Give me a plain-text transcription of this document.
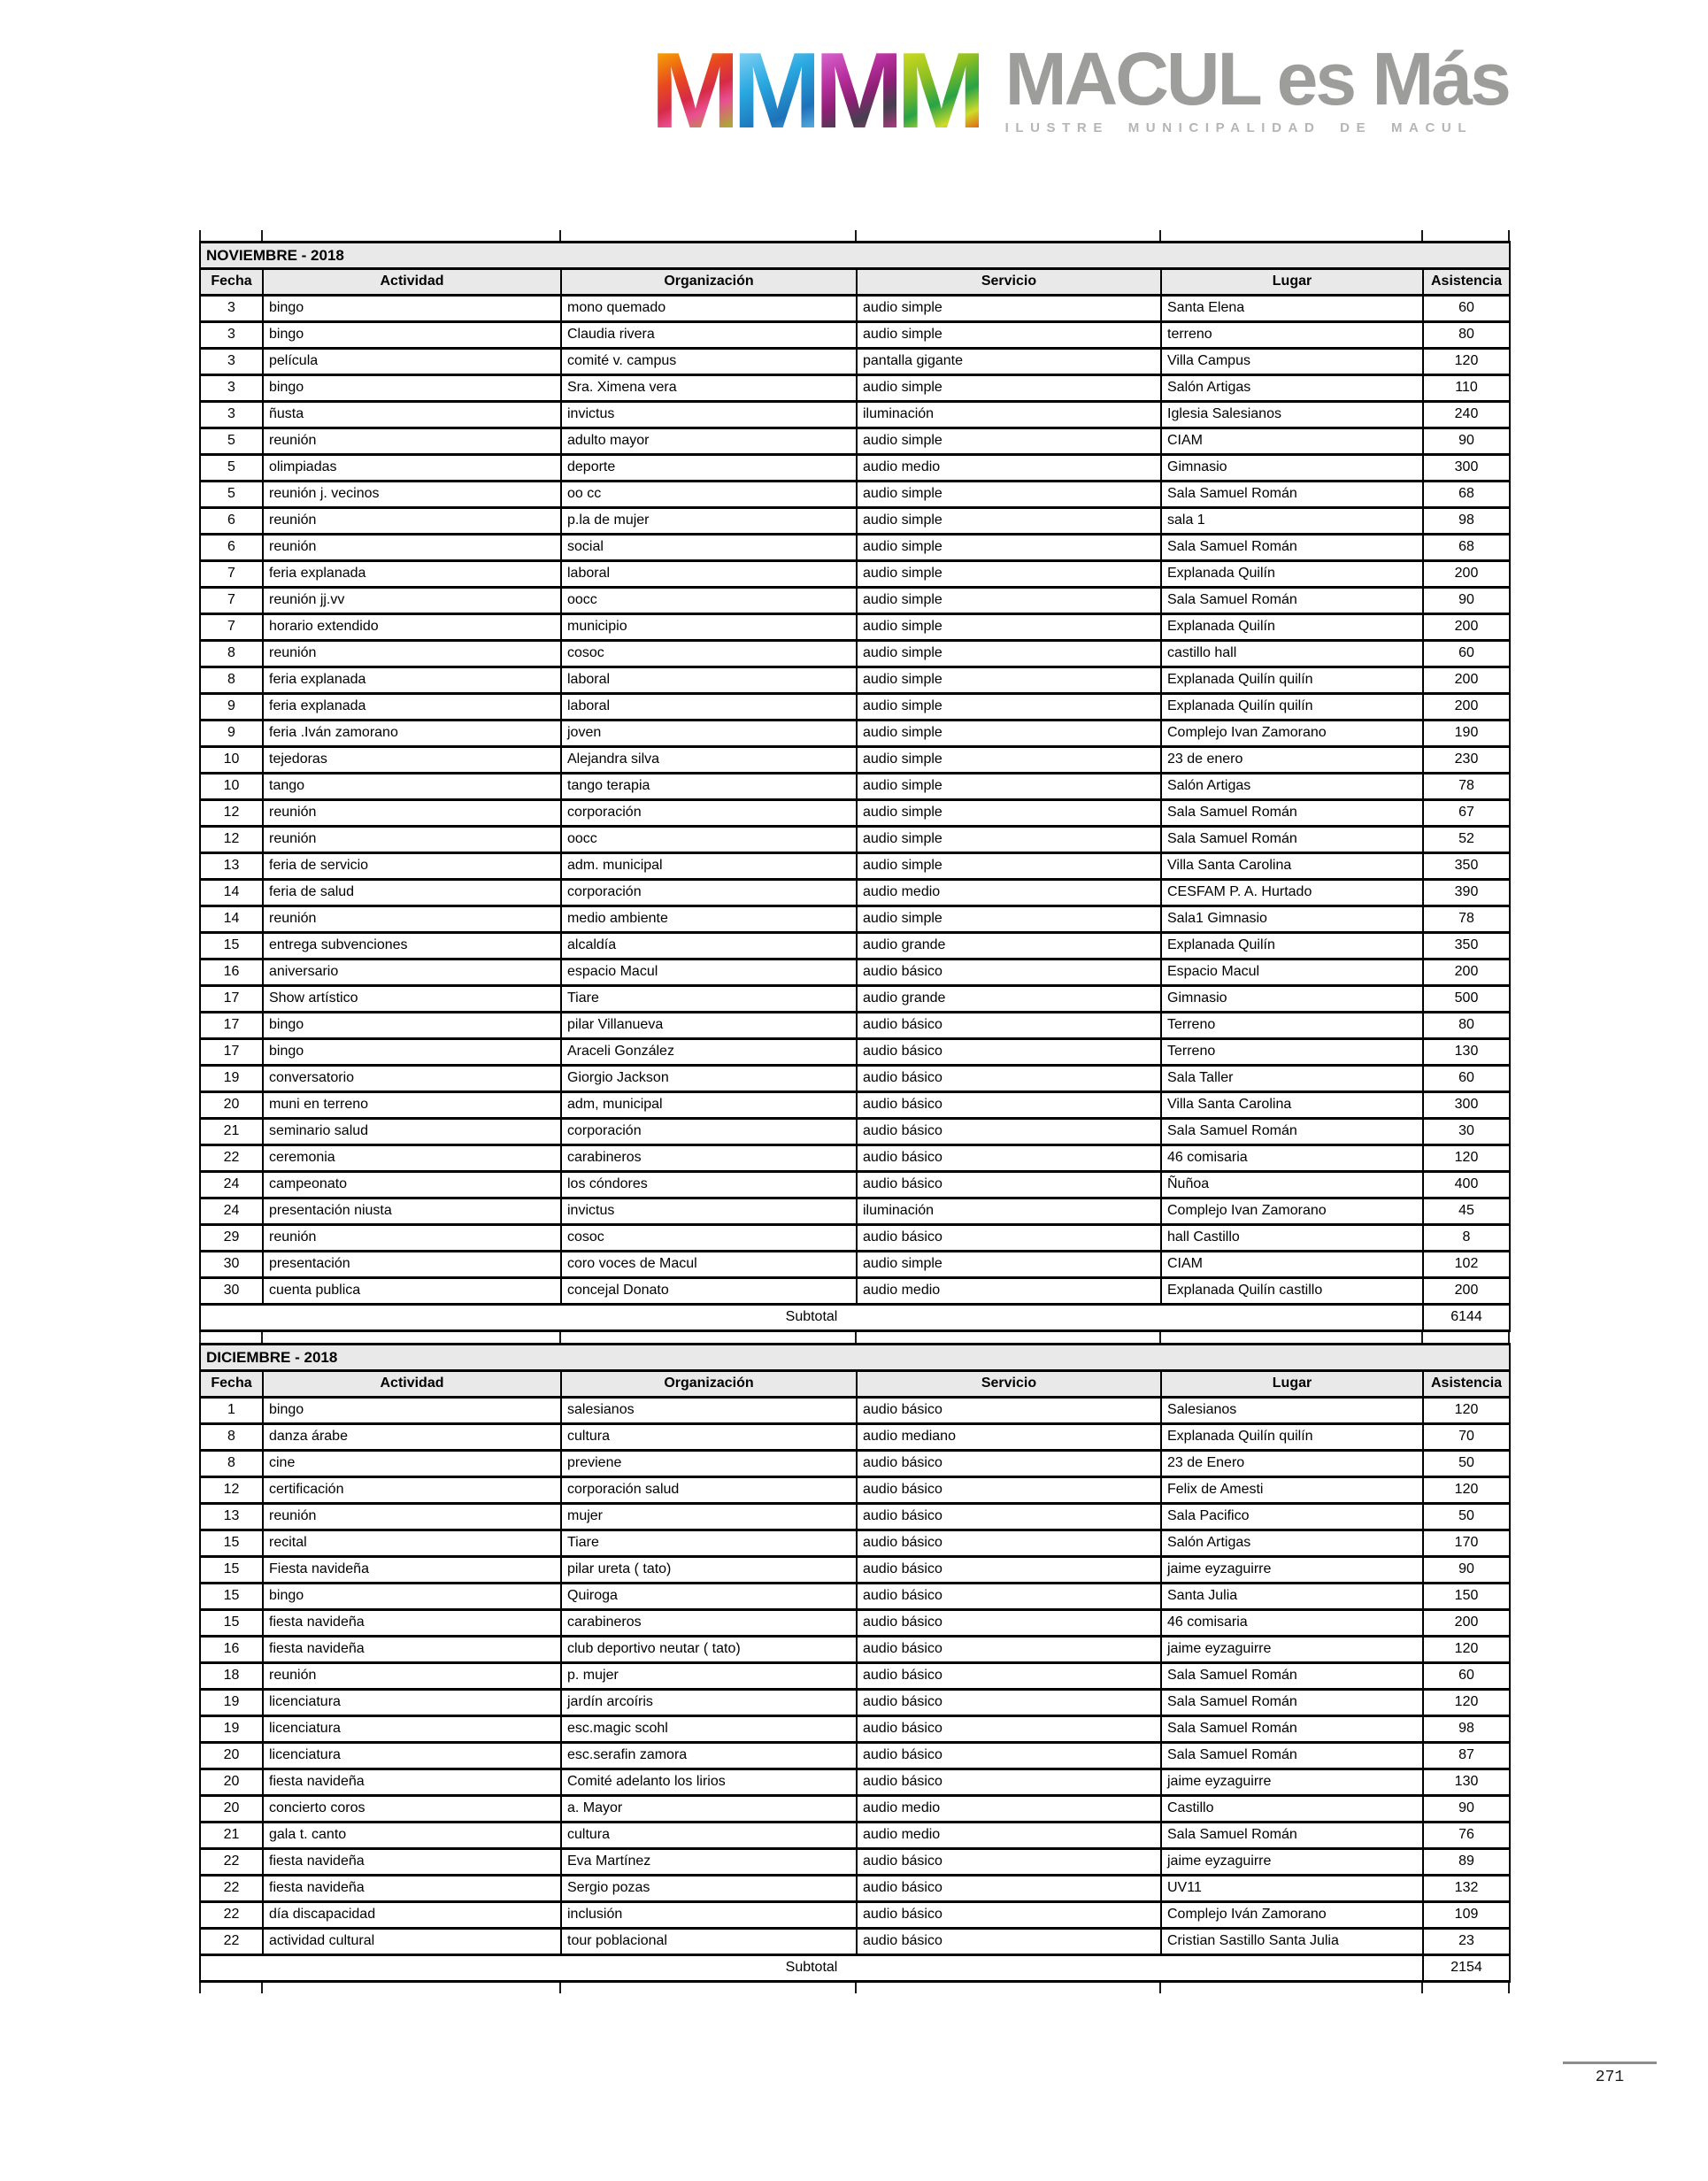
M M M M MACUL es Más
ILUSTRE MUNICIPALIDAD DE MACUL
NOVIEMBRE - 2018					
Fecha	Actividad	Organización	Servicio	Lugar	Asistencia
3	bingo	mono quemado	audio simple	Santa Elena	60
3	bingo	Claudia rivera	audio simple	terreno	80
3	película	comité v. campus	pantalla gigante	Villa Campus	120
3	bingo	Sra. Ximena vera	audio simple	Salón Artigas	110
3	ñusta	invictus	iluminación	Iglesia Salesianos	240
5	reunión	adulto mayor	audio simple	CIAM	90
5	olimpiadas	deporte	audio medio	Gimnasio	300
5	reunión j. vecinos	oo cc	audio simple	Sala Samuel Román	68
6	reunión	p.la de mujer	audio simple	sala 1	98
6	reunión	social	audio simple	Sala Samuel Román	68
7	feria explanada	laboral	audio simple	Explanada Quilín	200
7	reunión jj.vv	oocc	audio simple	Sala Samuel Román	90
7	horario extendido	municipio	audio simple	Explanada Quilín	200
8	reunión	cosoc	audio simple	castillo hall	60
8	feria explanada	laboral	audio simple	Explanada Quilín quilín	200
9	feria explanada	laboral	audio simple	Explanada Quilín quilín	200
9	feria .Iván zamorano	joven	audio simple	Complejo Ivan Zamorano	190
10	tejedoras	Alejandra silva	audio simple	23 de enero	230
10	tango	tango terapia	audio simple	Salón Artigas	78
12	reunión	corporación	audio simple	Sala Samuel Román	67
12	reunión	oocc	audio simple	Sala Samuel Román	52
13	feria de servicio	adm. municipal	audio simple	Villa Santa Carolina	350
14	feria de salud	corporación	audio medio	CESFAM P. A. Hurtado	390
14	reunión	medio ambiente	audio simple	Sala1 Gimnasio	78
15	entrega subvenciones	alcaldía	audio grande	Explanada Quilín	350
16	aniversario	espacio Macul	audio básico	Espacio Macul	200
17	Show artístico	Tiare	audio grande	Gimnasio	500
17	bingo	pilar Villanueva	audio básico	Terreno	80
17	bingo	Araceli González	audio básico	Terreno	130
19	conversatorio	Giorgio Jackson	audio básico	Sala Taller	60
20	muni en terreno	adm, municipal	audio básico	Villa Santa Carolina	300
21	seminario salud	corporación	audio básico	Sala Samuel Román	30
22	ceremonia	carabineros	audio básico	46 comisaria	120
24	campeonato	los cóndores	audio básico	Ñuñoa	400
24	presentación niusta	invictus	iluminación	Complejo Ivan Zamorano	45
29	reunión	cosoc	audio básico	hall Castillo	8
30	presentación	coro voces de Macul	audio simple	CIAM	102
30	cuenta publica	concejal Donato	audio medio	Explanada Quilín castillo	200
Subtotal					6144
DICIEMBRE - 2018					
Fecha	Actividad	Organización	Servicio	Lugar	Asistencia
1	bingo	salesianos	audio básico	Salesianos	120
8	danza árabe	cultura	audio mediano	Explanada Quilín quilín	70
8	cine	previene	audio básico	23 de Enero	50
12	certificación	corporación salud	audio básico	Felix de Amesti	120
13	reunión	mujer	audio básico	Sala Pacifico	50
15	recital	Tiare	audio básico	Salón Artigas	170
15	Fiesta navideña	pilar ureta ( tato)	audio básico	jaime eyzaguirre	90
15	bingo	Quiroga	audio básico	Santa Julia	150
15	fiesta navideña	carabineros	audio básico	46 comisaria	200
16	fiesta navideña	club deportivo neutar ( tato)	audio básico	jaime eyzaguirre	120
18	reunión	p. mujer	audio básico	Sala Samuel Román	60
19	licenciatura	jardín arcoíris	audio básico	Sala Samuel Román	120
19	licenciatura	esc.magic scohl	audio básico	Sala Samuel Román	98
20	licenciatura	esc.serafin zamora	audio básico	Sala Samuel Román	87
20	fiesta navideña	Comité adelanto los lirios	audio básico	jaime eyzaguirre	130
20	concierto coros	a. Mayor	audio medio	Castillo	90
21	gala t. canto	cultura	audio medio	Sala Samuel Román	76
22	fiesta navideña	Eva Martínez	audio básico	jaime eyzaguirre	89
22	fiesta navideña	Sergio pozas	audio básico	UV11	132
22	día discapacidad	inclusión	audio básico	Complejo Iván Zamorano	109
22	actividad cultural	tour poblacional	audio básico	Cristian Sastillo Santa Julia	23
Subtotal					2154
271
